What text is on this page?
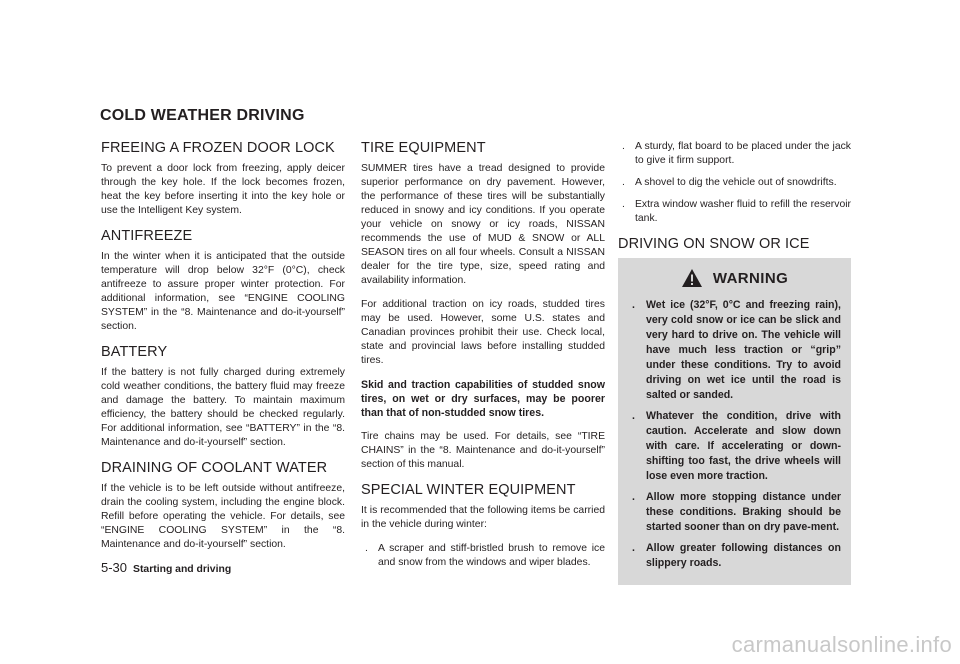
COLD WEATHER DRIVING
FREEING A FROZEN DOOR LOCK

To prevent a door lock from freezing, apply deicer through the key hole. If the lock becomes frozen, heat the key before inserting it into the key hole or use the Intelligent Key system.

ANTIFREEZE

In the winter when it is anticipated that the outside temperature will drop below 32°F (0°C), check antifreeze to assure proper winter protection. For additional information, see “ENGINE COOLING SYSTEM” in the “8. Maintenance and do-it-yourself” section.

BATTERY

If the battery is not fully charged during extremely cold weather conditions, the battery fluid may freeze and damage the battery. To maintain maximum efficiency, the battery should be checked regularly. For additional information, see “BATTERY” in the “8. Maintenance and do-it-yourself” section.

DRAINING OF COOLANT WATER

If the vehicle is to be left outside without antifreeze, drain the cooling system, including the engine block. Refill before operating the vehicle. For details, see “ENGINE COOLING SYSTEM” in the “8. Maintenance and do-it-yourself” section.

TIRE EQUIPMENT

SUMMER tires have a tread designed to provide superior performance on dry pavement. However, the performance of these tires will be substantially reduced in snowy and icy conditions. If you operate your vehicle on snowy or icy roads, NISSAN recommends the use of MUD & SNOW or ALL SEASON tires on all four wheels. Consult a NISSAN dealer for the tire type, size, speed rating and availability information.

For additional traction on icy roads, studded tires may be used. However, some U.S. states and Canadian provinces prohibit their use. Check local, state and provincial laws before installing studded tires.

Skid and traction capabilities of studded snow tires, on wet or dry surfaces, may be poorer than that of non-studded snow tires.

Tire chains may be used. For details, see “TIRE CHAINS” in the “8. Maintenance and do-it-yourself” section of this manual.

SPECIAL WINTER EQUIPMENT

It is recommended that the following items be carried in the vehicle during winter:

. A scraper and stiff-bristled brush to remove ice and snow from the windows and wiper blades.
. A sturdy, flat board to be placed under the jack to give it firm support.
. A shovel to dig the vehicle out of snowdrifts.
. Extra window washer fluid to refill the reservoir tank.
DRIVING ON SNOW OR ICE
WARNING
. Wet ice (32°F, 0°C and freezing rain), very cold snow or ice can be slick and very hard to drive on. The vehicle will have much less traction or “grip” under these conditions. Try to avoid driving on wet ice until the road is salted or sanded.
. Whatever the condition, drive with caution. Accelerate and slow down with care. If accelerating or down-shifting too fast, the drive wheels will lose even more traction.
. Allow more stopping distance under these conditions. Braking should be started sooner than on dry pave-ment.
. Allow greater following distances on slippery roads.
5-30 Starting and driving
carmanualsonline.info
